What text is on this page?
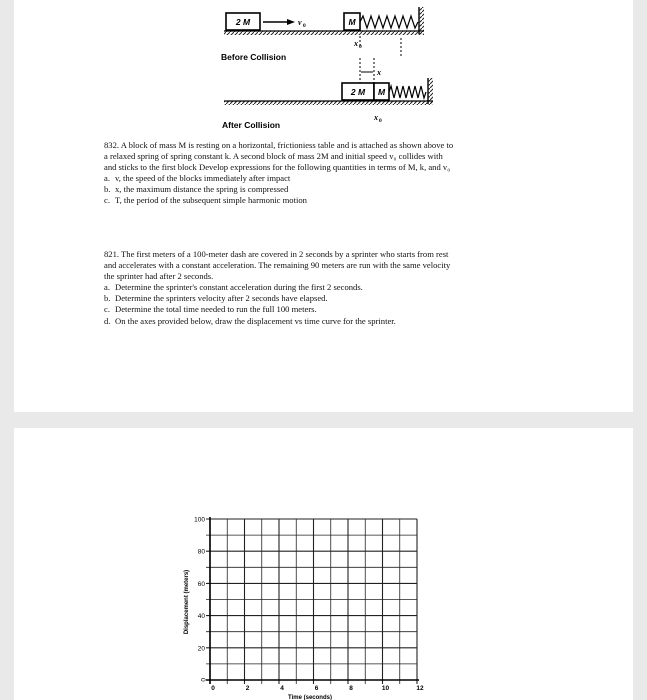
2 M	v 0	M
x 0
Before Collision
x
2 M M
x 0
After Collision

832. A block of mass M is resting on a horizontal, frictioniess table and is attached as shown above to

a relaxed spring of spring constant k. A second block of mass 2M and initial speed v₀ collides with

and sticks to the first block Develop expressions for the following quantities in terms of M, k, and v₀

a. v, the speed of the blocks immediately after impact

b. x, the maximum distance the spring is compressed

c. T, the period of the subsequent simple harmonic motion

821. The first meters of a 100-meter dash are covered in 2 seconds by a sprinter who starts from rest

and accelerates with a constant acceleration. The remaining 90 meters are run with the same velocity

the sprinter had after 2 seconds.

a. Determine the sprinter's constant acceleration during the first 2 seconds.

b. Determine the sprinters velocity after 2 seconds have elapsed.

c. Determine the total time needed to run the full 100 meters.

d. On the axes provided below, draw the displacement vs time curve for the sprinter.

0
20
40
60
80
100
0	2	4	6	8	10	12
Displacement (meters)
Time (seconds)
